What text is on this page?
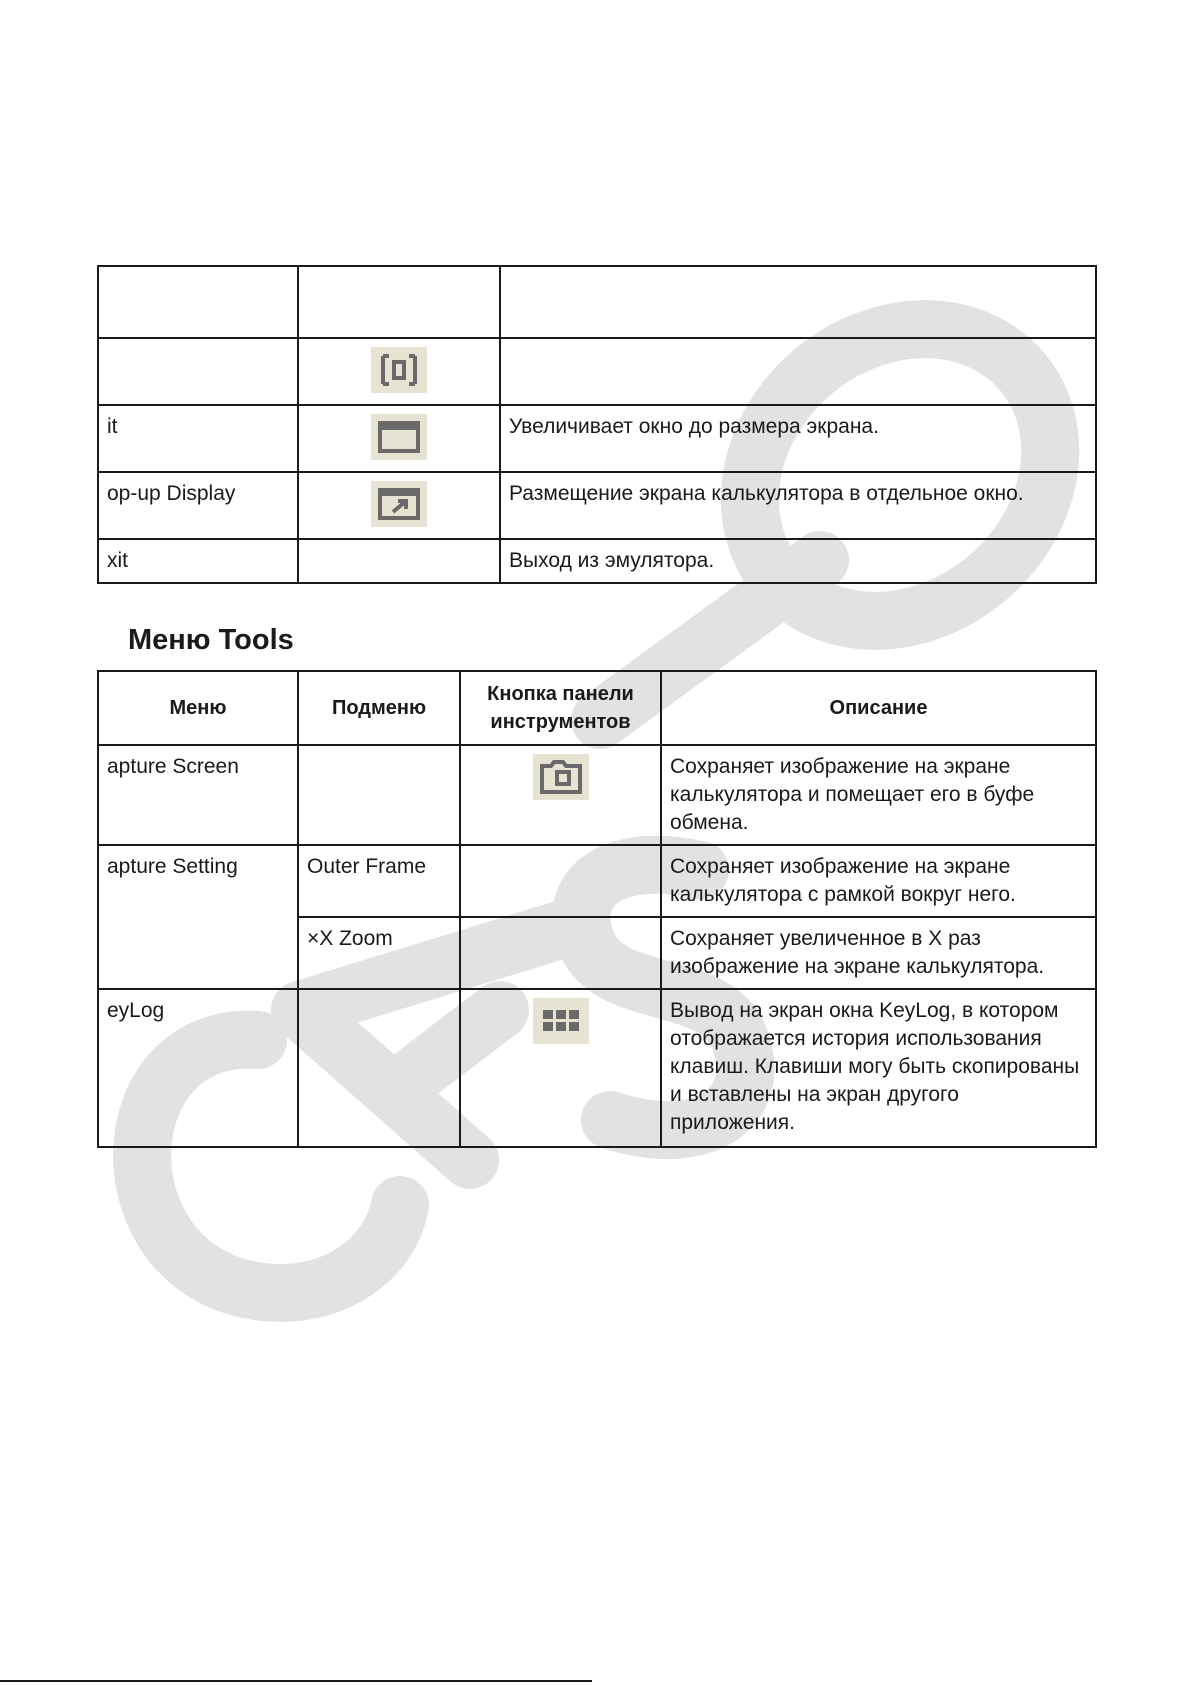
it		Увеличивает окно до размера экрана.
op-up Display		Размещение экрана калькулятора в отдельное окно.
xit		Выход из эмулятора.
Меню Tools
Меню	Подменю	Кнопка панели инструментов	Описание
apture Screen			Сохраняет изображение на экране калькулятора и помещает его в буфе обмена.
apture Setting	Outer Frame		Сохраняет изображение на экране калькулятора с рамкой вокруг него.
	×X Zoom		Сохраняет увеличенное в X раз изображение на экране калькулятора.
eyLog			Вывод на экран окна KeyLog, в котором отображается история использования клавиш. Клавиши могу быть скопированы и вставлены на экран другого приложения.
